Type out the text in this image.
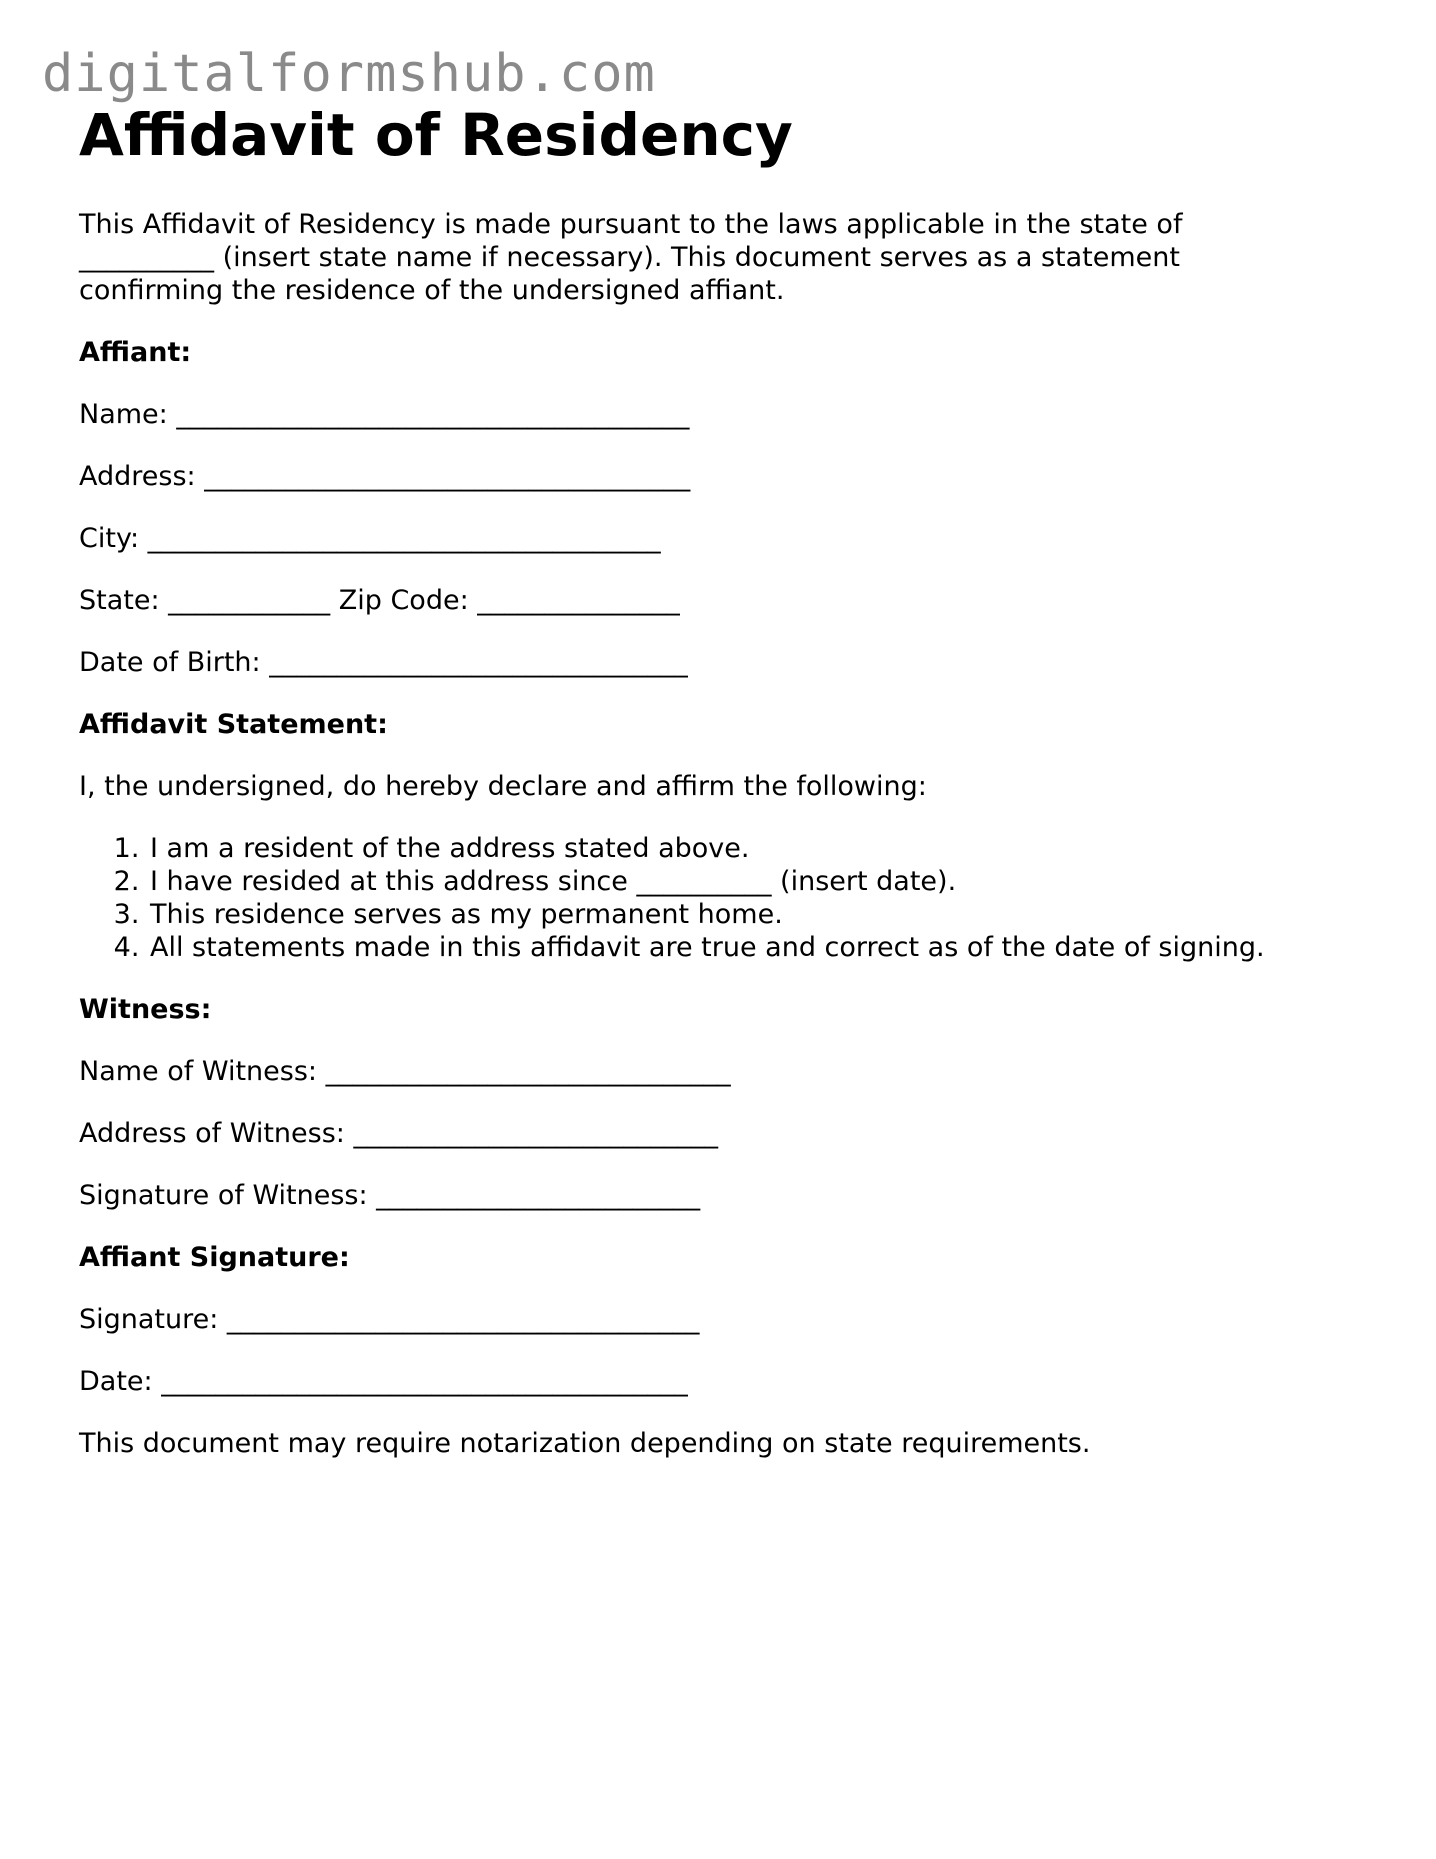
digitalformshub.com
Affidavit of Residency

This Affidavit of Residency is made pursuant to the laws applicable in the state of __________ (insert state name if necessary). This document serves as a statement confirming the residence of the undersigned affiant.

Affiant:
Name: ______________________________________
Address: ____________________________________
City: ______________________________________
State: ____________ Zip Code: _______________
Date of Birth: _______________________________
Affidavit Statement:

I, the undersigned, do hereby declare and affirm the following:

1. I am a resident of the address stated above.
2. I have resided at this address since __________ (insert date).
3. This residence serves as my permanent home.
4. All statements made in this affidavit are true and correct as of the date of signing.
Witness:
Name of Witness: ______________________________
Address of Witness: ___________________________
Signature of Witness: ________________________
Affiant Signature:
Signature: ___________________________________
Date: _______________________________________

This document may require notarization depending on state requirements.
